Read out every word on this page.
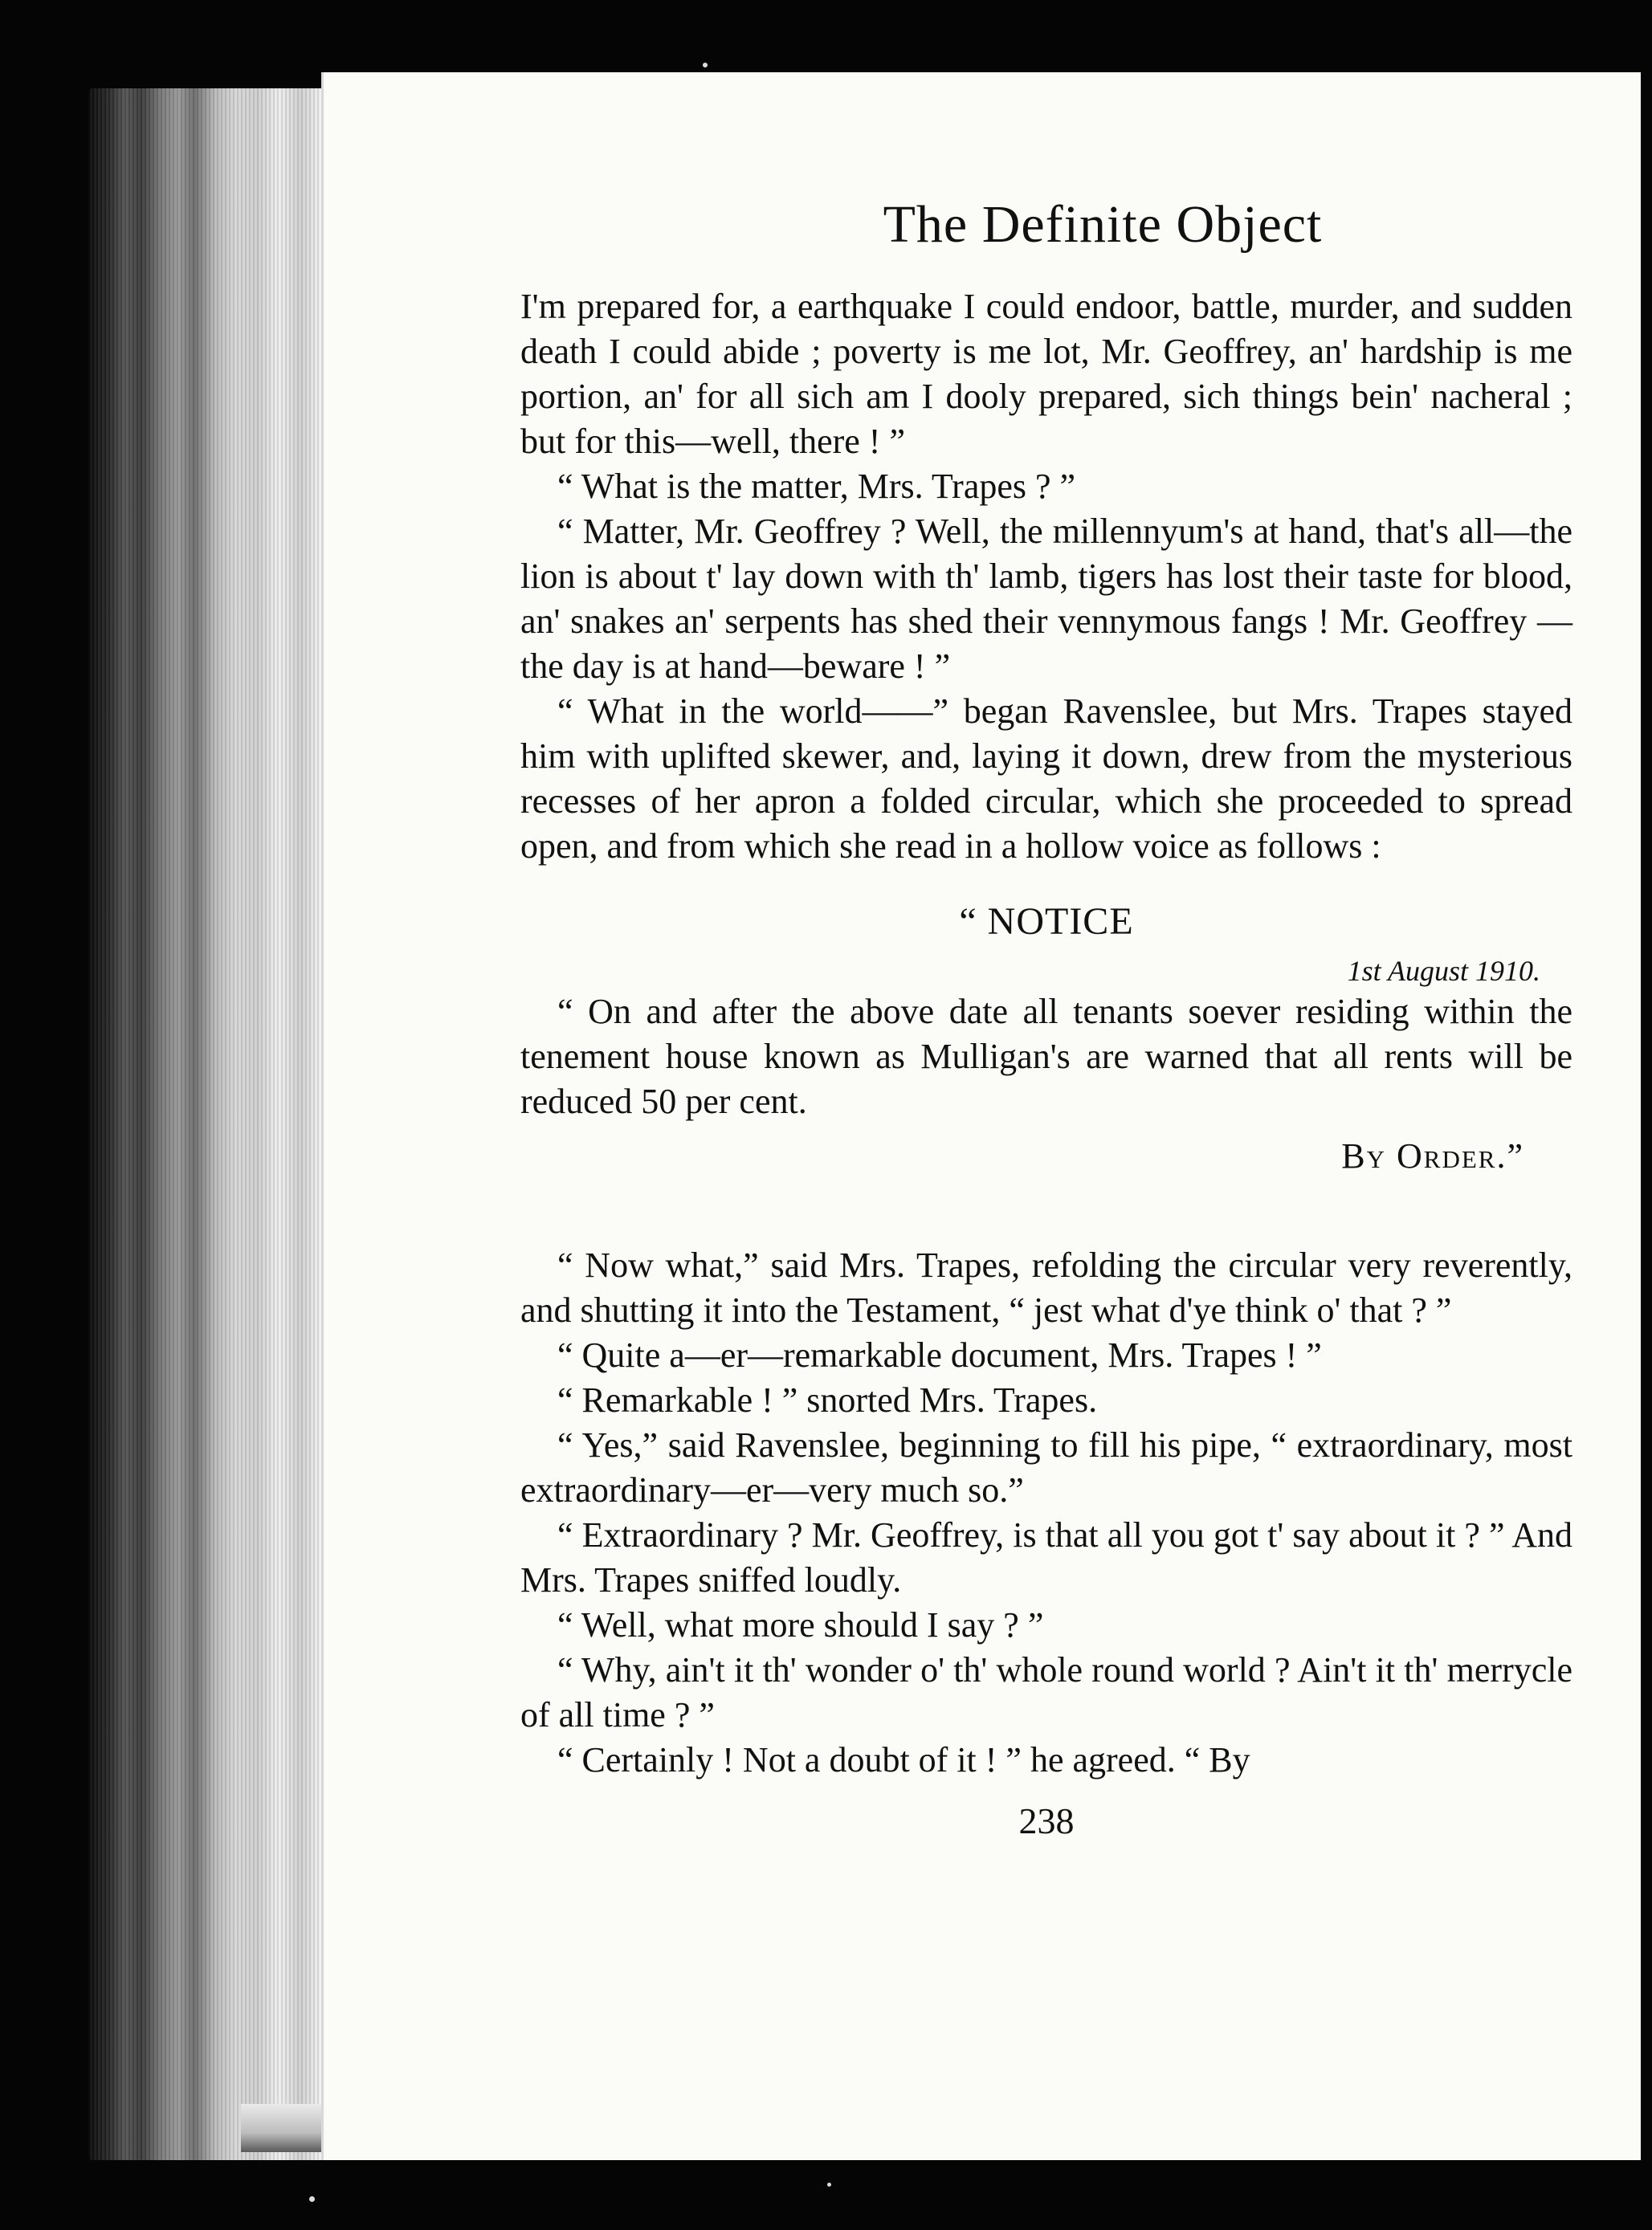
The Definite Object

I'm prepared for, a earthquake I could endoor, battle, murder, and sudden death I could abide ; poverty is me lot, Mr. Geoffrey, an' hardship is me portion, an' for all sich am I dooly prepared, sich things bein' nacheral ; but for this—well, there ! ”

“ What is the matter, Mrs. Trapes ? ”

“ Matter, Mr. Geoffrey ? Well, the millennyum's at hand, that's all—the lion is about t' lay down with th' lamb, tigers has lost their taste for blood, an' snakes an' serpents has shed their vennymous fangs ! Mr. Geoffrey —the day is at hand—beware ! ”

“ What in the world——” began Ravenslee, but Mrs. Trapes stayed him with uplifted skewer, and, laying it down, drew from the mysterious recesses of her apron a folded circular, which she proceeded to spread open, and from which she read in a hollow voice as follows :

“ NOTICE
1st August 1910.

“ On and after the above date all tenants soever residing within the tenement house known as Mulligan's are warned that all rents will be reduced 50 per cent.

By Order.”

“ Now what,” said Mrs. Trapes, refolding the circular very reverently, and shutting it into the Testament, “ jest what d'ye think o' that ? ”

“ Quite a—er—remarkable document, Mrs. Trapes ! ”

“ Remarkable ! ” snorted Mrs. Trapes.

“ Yes,” said Ravenslee, beginning to fill his pipe, “ extraordinary, most extraordinary—er—very much so.”

“ Extraordinary ? Mr. Geoffrey, is that all you got t' say about it ? ” And Mrs. Trapes sniffed loudly.

“ Well, what more should I say ? ”

“ Why, ain't it th' wonder o' th' whole round world ? Ain't it th' merrycle of all time ? ”

“ Certainly ! Not a doubt of it ! ” he agreed. “ By

238
